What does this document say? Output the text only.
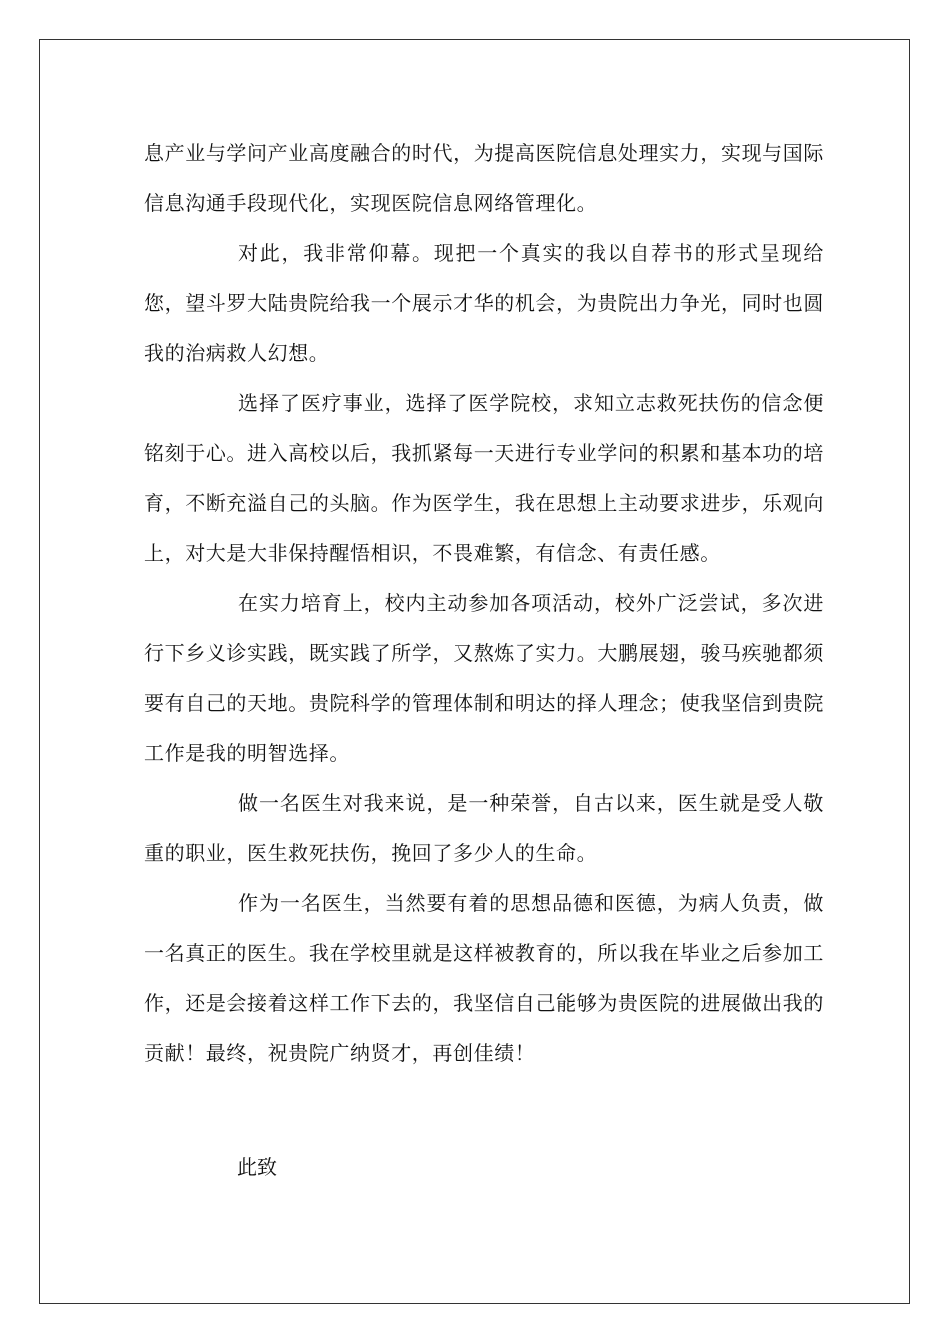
息产业与学问产业高度融合的时代，为提高医院信息处理实力，实现与国际信息沟通手段现代化，实现医院信息网络管理化。

对此，我非常仰幕。现把一个真实的我以自荐书的形式呈现给您，望斗罗大陆贵院给我一个展示才华的机会，为贵院出力争光，同时也圆我的治病救人幻想。

选择了医疗事业，选择了医学院校，求知立志救死扶伤的信念便铭刻于心。进入高校以后，我抓紧每一天进行专业学问的积累和基本功的培育，不断充溢自己的头脑。作为医学生，我在思想上主动要求进步，乐观向上，对大是大非保持醒悟相识，不畏难繁，有信念、有责任感。

在实力培育上，校内主动参加各项活动，校外广泛尝试，多次进行下乡义诊实践，既实践了所学，又熬炼了实力。大鹏展翅，骏马疾驰都须要有自己的天地。贵院科学的管理体制和明达的择人理念；使我坚信到贵院工作是我的明智选择。

做一名医生对我来说，是一种荣誉，自古以来，医生就是受人敬重的职业，医生救死扶伤，挽回了多少人的生命。

作为一名医生，当然要有着的思想品德和医德，为病人负责，做一名真正的医生。我在学校里就是这样被教育的，所以我在毕业之后参加工作，还是会接着这样工作下去的，我坚信自己能够为贵医院的进展做出我的贡献！最终，祝贵院广纳贤才，再创佳绩！

此致
